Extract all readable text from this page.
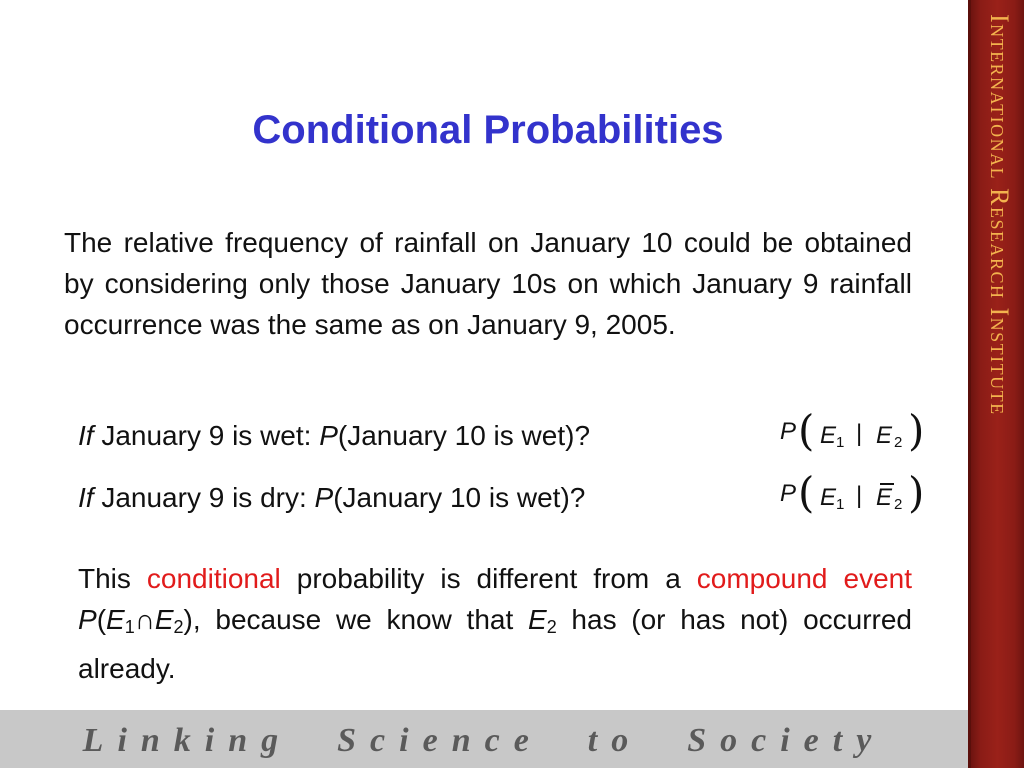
International Research Institute
Linking  Science  to  Society
Conditional Probabilities
The relative frequency of rainfall on January 10 could be obtained by considering only those January 10s on which January 9 rainfall occurrence was the same as on January 9, 2005.
If January 9 is wet: P(January 10 is wet)?
If January 9 is dry: P(January 10 is wet)?
P ( E 1 | E 2 )
P ( E 1 | E 2 )
This conditional probability is different from a compound event P(E1∩E2), because we know that E2 has (or has not) occurred already.
